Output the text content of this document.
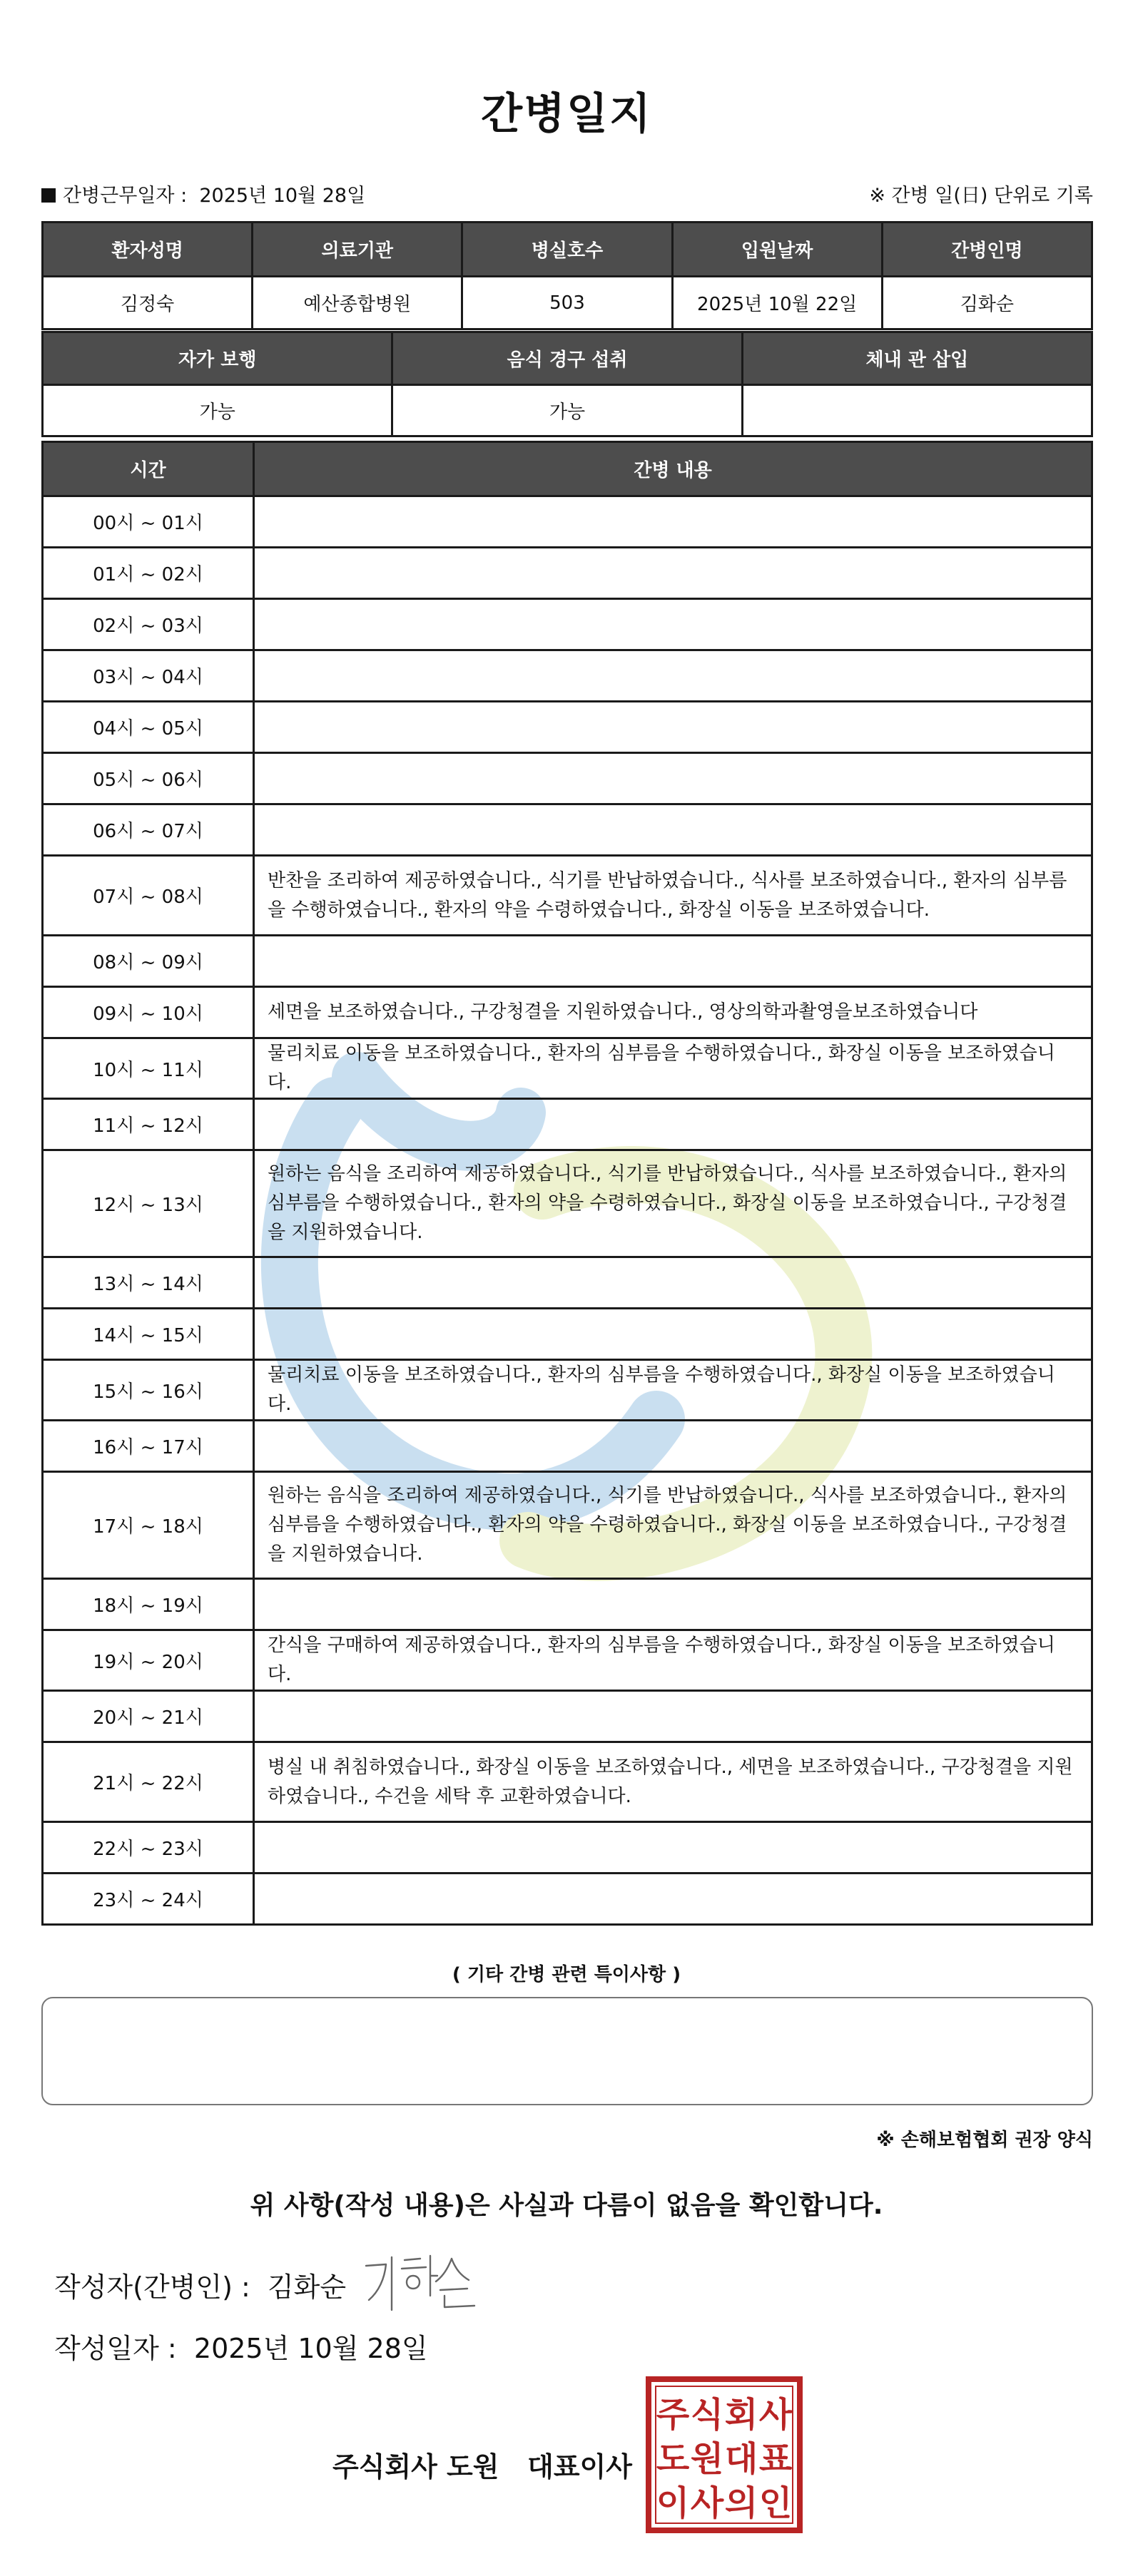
간병일지
간병근무일자 : 2025년 10월 28일	※ 간병 일(日) 단위로 기록
환자성명	의료기관	병실호수	입원날짜	간병인명
김정숙	예산종합병원	503	2025년 10월 22일	김화순
자가 보행	음식 경구 섭취	체내 관 삽입
가능	가능	
시간	간병 내용
00시 ~ 01시	
01시 ~ 02시	
02시 ~ 03시	
03시 ~ 04시	
04시 ~ 05시	
05시 ~ 06시	
06시 ~ 07시	
07시 ~ 08시	반찬을 조리하여 제공하였습니다., 식기를 반납하였습니다., 식사를 보조하였습니다., 환자의 심부름을 수행하였습니다., 환자의 약을 수령하였습니다., 화장실 이동을 보조하였습니다.
08시 ~ 09시	
09시 ~ 10시	세면을 보조하였습니다., 구강청결을 지원하였습니다., 영상의학과촬영을보조하였습니다
10시 ~ 11시	물리치료 이동을 보조하였습니다., 환자의 심부름을 수행하였습니다., 화장실 이동을 보조하였습니다.
11시 ~ 12시	
12시 ~ 13시	원하는 음식을 조리하여 제공하였습니다., 식기를 반납하였습니다., 식사를 보조하였습니다., 환자의 심부름을 수행하였습니다., 환자의 약을 수령하였습니다., 화장실 이동을 보조하였습니다., 구강청결을 지원하였습니다.
13시 ~ 14시	
14시 ~ 15시	
15시 ~ 16시	물리치료 이동을 보조하였습니다., 환자의 심부름을 수행하였습니다., 화장실 이동을 보조하였습니다.
16시 ~ 17시	
17시 ~ 18시	원하는 음식을 조리하여 제공하였습니다., 식기를 반납하였습니다., 식사를 보조하였습니다., 환자의 심부름을 수행하였습니다., 환자의 약을 수령하였습니다., 화장실 이동을 보조하였습니다., 구강청결을 지원하였습니다.
18시 ~ 19시	
19시 ~ 20시	간식을 구매하여 제공하였습니다., 환자의 심부름을 수행하였습니다., 화장실 이동을 보조하였습니다.
20시 ~ 21시	
21시 ~ 22시	병실 내 취침하였습니다., 화장실 이동을 보조하였습니다., 세면을 보조하였습니다., 구강청결을 지원하였습니다., 수건을 세탁 후 교환하였습니다.
22시 ~ 23시	
23시 ~ 24시	
( 기타 간병 관련 특이사항 )
※ 손해보험협회 권장 양식
위 사항(작성 내용)은 사실과 다름이 없음을 확인합니다.
작성자(간병인) : 김화순
작성일자 : 2025년 10월 28일
주식회사 도원   대표이사
주 식 회 사
도 원 대 표
이 사 의 인
